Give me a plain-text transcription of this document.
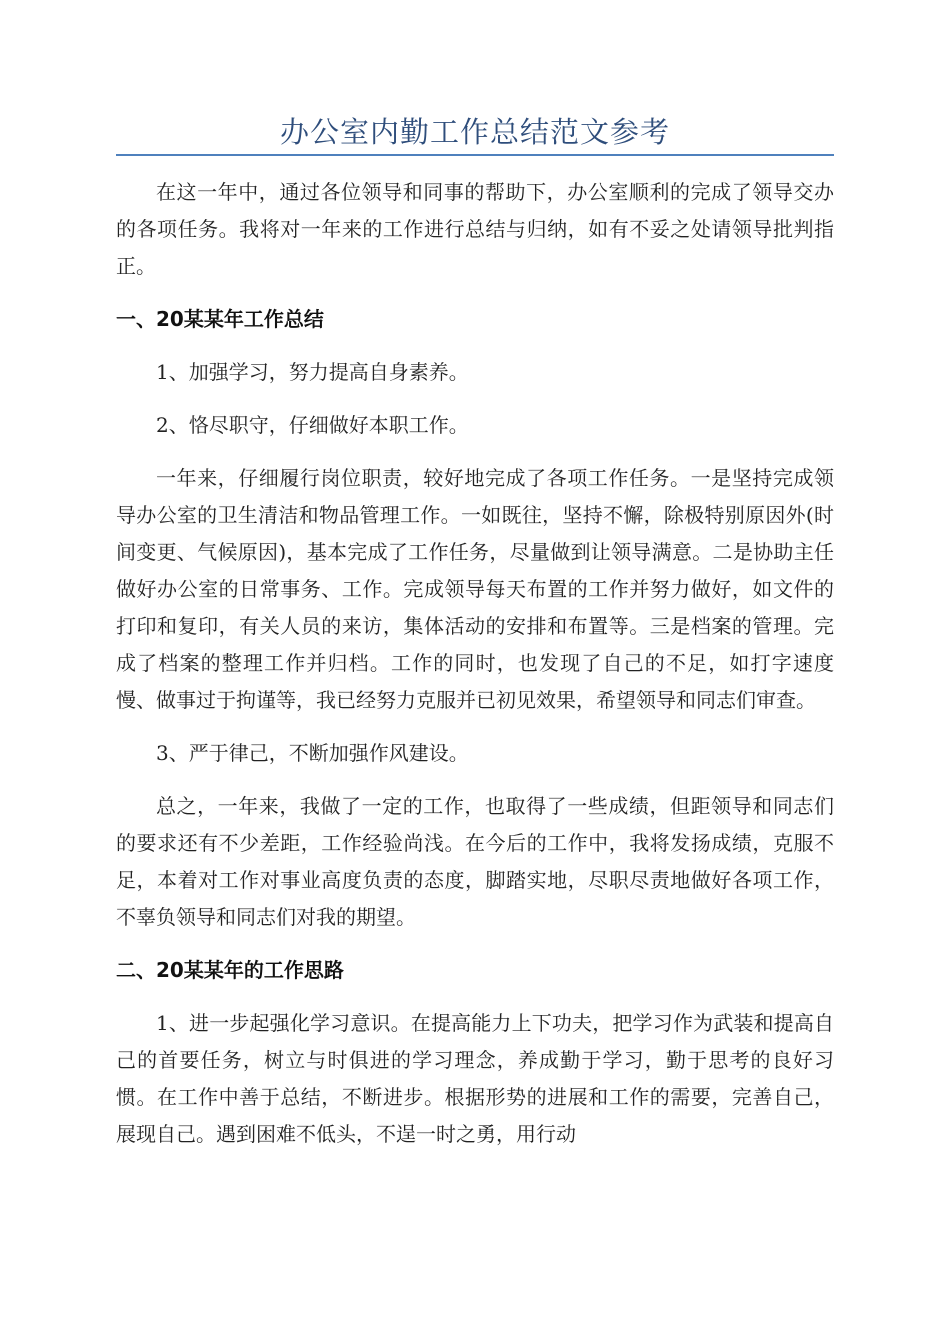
办公室内勤工作总结范文参考

在这一年中，通过各位领导和同事的帮助下，办公室顺利的完成了领导交办的各项任务。我将对一年来的工作进行总结与归纳，如有不妥之处请领导批判指正。

一、20某某年工作总结

1、加强学习，努力提高自身素养。

2、恪尽职守，仔细做好本职工作。

一年来，仔细履行岗位职责，较好地完成了各项工作任务。一是坚持完成领导办公室的卫生清洁和物品管理工作。一如既往，坚持不懈，除极特别原因外(时间变更、气候原因)，基本完成了工作任务，尽量做到让领导满意。二是协助主任做好办公室的日常事务、工作。完成领导每天布置的工作并努力做好，如文件的打印和复印，有关人员的来访，集体活动的安排和布置等。三是档案的管理。完成了档案的整理工作并归档。工作的同时，也发现了自己的不足，如打字速度慢、做事过于拘谨等，我已经努力克服并已初见效果，希望领导和同志们审查。

3、严于律己，不断加强作风建设。

总之，一年来，我做了一定的工作，也取得了一些成绩，但距领导和同志们的要求还有不少差距，工作经验尚浅。在今后的工作中，我将发扬成绩，克服不足，本着对工作对事业高度负责的态度，脚踏实地，尽职尽责地做好各项工作，不辜负领导和同志们对我的期望。

二、20某某年的工作思路

1、进一步起强化学习意识。在提高能力上下功夫，把学习作为武装和提高自己的首要任务，树立与时俱进的学习理念，养成勤于学习，勤于思考的良好习惯。在工作中善于总结，不断进步。根据形势的进展和工作的需要，完善自己，展现自己。遇到困难不低头，不逞一时之勇，用行动
